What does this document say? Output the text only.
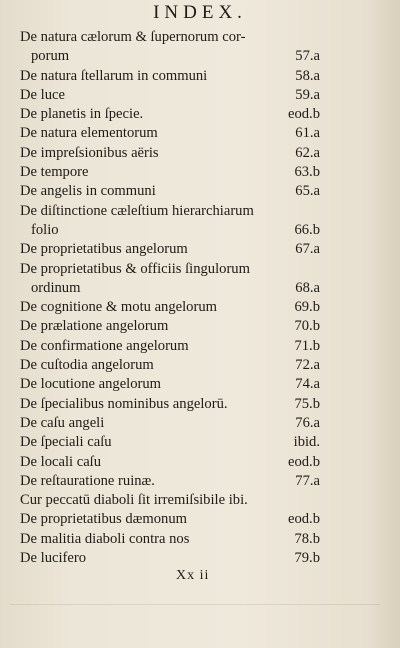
INDEX.
De natura cælorum & ſupernorum cor-
porum	57.a
De natura ſtellarum in communi	58.a
De luce	59.a
De planetis in ſpecie.	eod.b
De natura elementorum	61.a
De impreſsionibus aëris	62.a
De tempore	63.b
De angelis in communi	65.a
De diſtinctione cæleſtium hierarchiarum
folio	66.b
De proprietatibus angelorum	67.a
De proprietatibus & officiis ſingulorum
ordinum	68.a
De cognitione & motu angelorum	69.b
De prælatione angelorum	70.b
De confirmatione angelorum	71.b
De cuſtodia angelorum	72.a
De locutione angelorum	74.a
De ſpecialibus nominibus angelorū.	75.b
De caſu angeli	76.a
De ſpeciali caſu	ibid.
De locali caſu	eod.b
De reſtauratione ruinæ.	77.a
Cur peccatū diaboli ſit irremiſsibile ibi.
De proprietatibus dæmonum	eod.b
De malitia diaboli contra nos	78.b
De lucifero	79.b
Xx ii
